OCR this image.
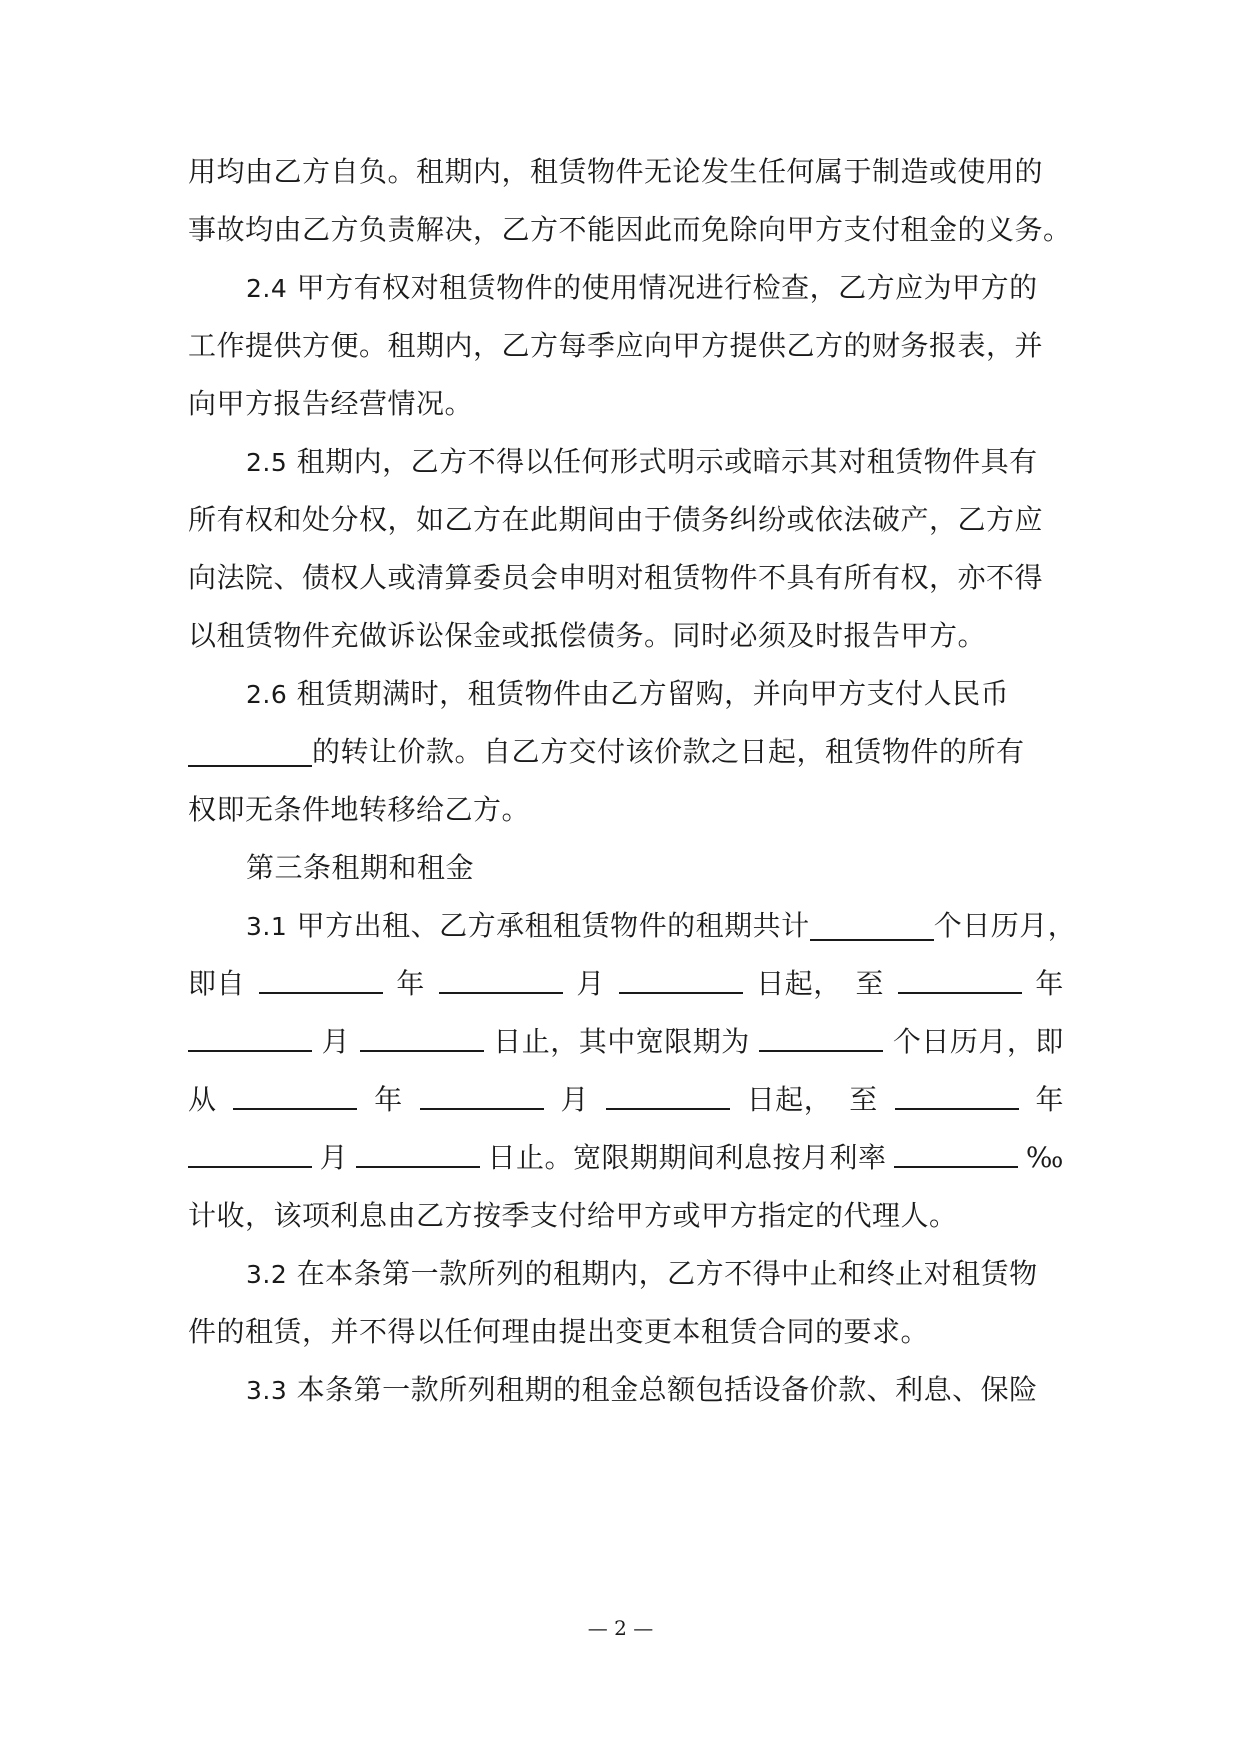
用均由乙方自负。租期内，租赁物件无论发生任何属于制造或使用的
事故均由乙方负责解决，乙方不能因此而免除向甲方支付租金的义务。
2.4 甲方有权对租赁物件的使用情况进行检查，乙方应为甲方的
工作提供方便。租期内，乙方每季应向甲方提供乙方的财务报表，并
向甲方报告经营情况。
2.5 租期内，乙方不得以任何形式明示或暗示其对租赁物件具有
所有权和处分权，如乙方在此期间由于债务纠纷或依法破产，乙方应
向法院、债权人或清算委员会申明对租赁物件不具有所有权，亦不得
以租赁物件充做诉讼保金或抵偿债务。同时必须及时报告甲方。
2.6 租赁期满时，租赁物件由乙方留购，并向甲方支付人民币
的转让价款。自乙方交付该价款之日起，租赁物件的所有
权即无条件地转移给乙方。
第三条租期和租金
3.1 甲方出租、乙方承租租赁物件的租期共计	个日历月，
即自	年	月	日起， 至	年
月	日止，其中宽限期为	个日历月，即
从	年	月	日起， 至	年
月	日止。宽限期期间利息按月利率	‰
计收，该项利息由乙方按季支付给甲方或甲方指定的代理人。
3.2 在本条第一款所列的租期内，乙方不得中止和终止对租赁物
件的租赁，并不得以任何理由提出变更本租赁合同的要求。
3.3 本条第一款所列租期的租金总额包括设备价款、利息、保险
— 2 —
